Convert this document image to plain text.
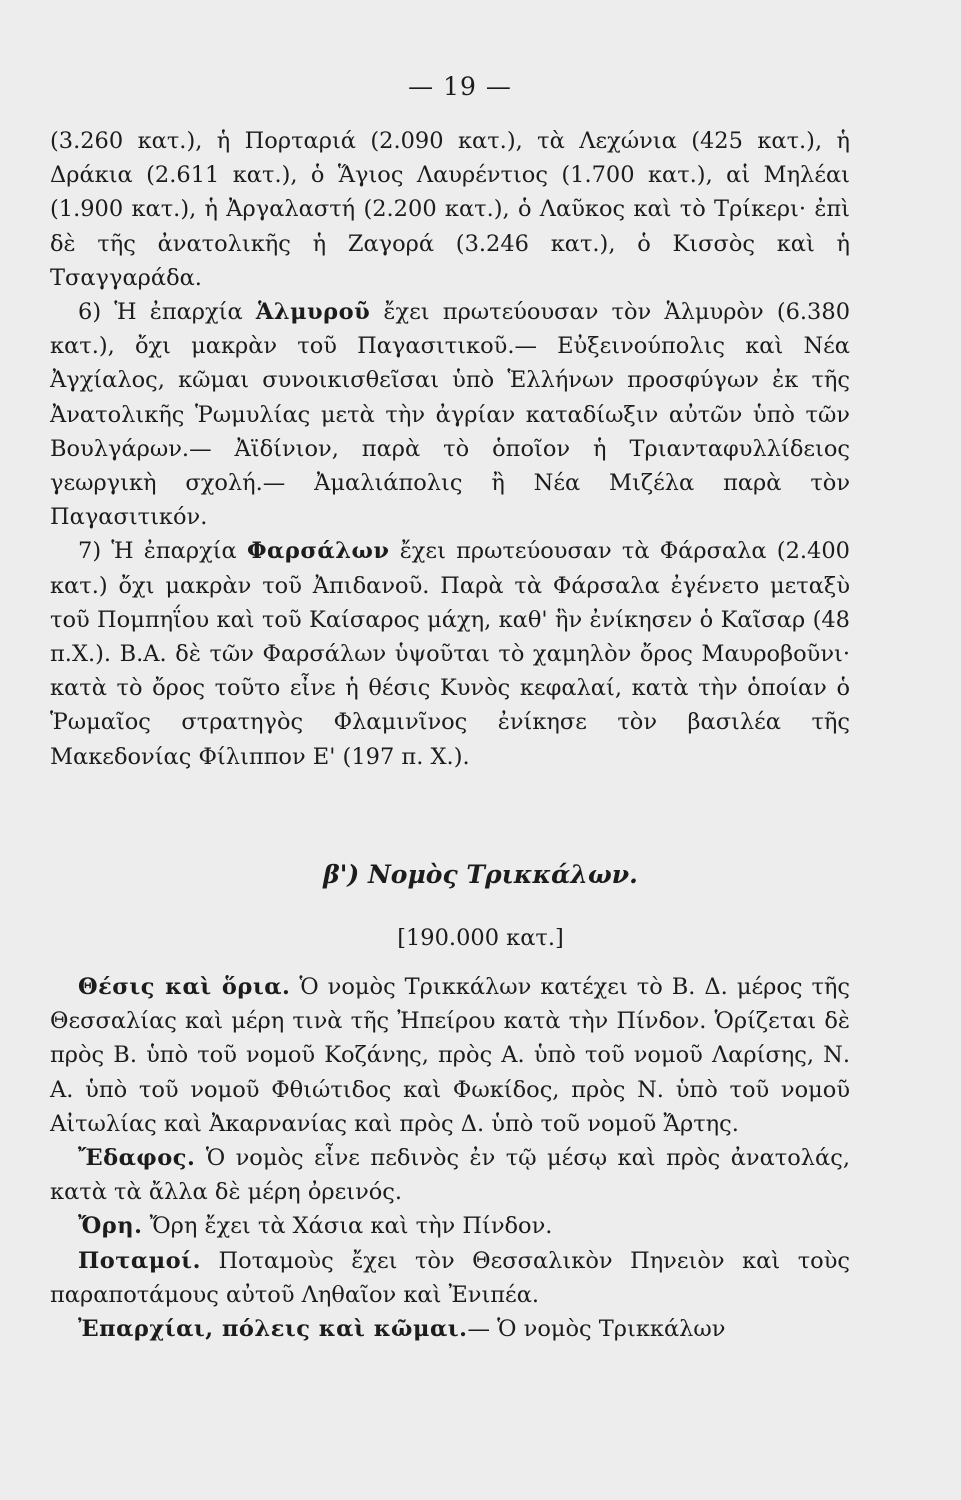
— 19 —

(3.260 κατ.), ἡ Πορταριά (2.090 κατ.), τὰ Λεχώνια (425 κατ.), ἡ Δράκια (2.611 κατ.), ὁ Ἅγιος Λαυρέντιος (1.700 κατ.), αἱ Μηλέαι (1.900 κατ.), ἡ Ἀργαλαστή (2.200 κατ.), ὁ Λαῦκος καὶ τὸ Τρίκερι· ἐπὶ δὲ τῆς ἀνατολικῆς ἡ Ζαγορά (3.246 κατ.), ὁ Κισσὸς καὶ ἡ Τσαγγαράδα.

6) Ἡ ἐπαρχία Ἁλμυροῦ ἔχει πρωτεύουσαν τὸν Ἁλμυρὸν (6.380 κατ.), ὄχι μακρὰν τοῦ Παγασιτικοῦ.— Εὐξεινούπολις καὶ Νέα Ἀγχίαλος, κῶμαι συνοικισθεῖσαι ὑπὸ Ἑλλήνων προσφύγων ἐκ τῆς Ἀνατολικῆς Ῥωμυλίας μετὰ τὴν ἀγρίαν καταδίωξιν αὐτῶν ὑπὸ τῶν Βουλγάρων.— Ἀϊδίνιον, παρὰ τὸ ὁποῖον ἡ Τριανταφυλλίδειος γεωργικὴ σχολή.— Ἀμαλιάπολις ἢ Νέα Μιζέλα παρὰ τὸν Παγασιτικόν.

7) Ἡ ἐπαρχία Φαρσάλων ἔχει πρωτεύουσαν τὰ Φάρσαλα (2.400 κατ.) ὄχι μακρὰν τοῦ Ἀπιδανοῦ. Παρὰ τὰ Φάρσαλα ἐγένετο μεταξὺ τοῦ Πομπηΐου καὶ τοῦ Καίσαρος μάχη, καθ' ἣν ἐνίκησεν ὁ Καῖσαρ (48 π.Χ.). Β.Α. δὲ τῶν Φαρσάλων ὑψοῦται τὸ χαμηλὸν ὄρος Μαυροβοῦνι· κατὰ τὸ ὄρος τοῦτο εἶνε ἡ θέσις Κυνὸς κεφαλαί, κατὰ τὴν ὁποίαν ὁ Ῥωμαῖος στρατηγὸς Φλαμινῖνος ἐνίκησε τὸν βασιλέα τῆς Μακεδονίας Φίλιππον Ε' (197 π. Χ.).

β') Νομὸς Τρικκάλων.
[190.000 κατ.]

Θέσις καὶ ὅρια. Ὁ νομὸς Τρικκάλων κατέχει τὸ Β. Δ. μέρος τῆς Θεσσαλίας καὶ μέρη τινὰ τῆς Ἠπείρου κατὰ τὴν Πίνδον. Ὁρίζεται δὲ πρὸς Β. ὑπὸ τοῦ νομοῦ Κοζάνης, πρὸς Α. ὑπὸ τοῦ νομοῦ Λαρίσης, Ν. Α. ὑπὸ τοῦ νομοῦ Φθιώτιδος καὶ Φωκίδος, πρὸς Ν. ὑπὸ τοῦ νομοῦ Αἰτωλίας καὶ Ἀκαρνανίας καὶ πρὸς Δ. ὑπὸ τοῦ νομοῦ Ἄρτης.

Ἔδαφος. Ὁ νομὸς εἶνε πεδινὸς ἐν τῷ μέσῳ καὶ πρὸς ἀνατολάς, κατὰ τὰ ἄλλα δὲ μέρη ὀρεινός.

Ὄρη. Ὄρη ἔχει τὰ Χάσια καὶ τὴν Πίνδον.

Ποταμοί. Ποταμοὺς ἔχει τὸν Θεσσαλικὸν Πηνειὸν καὶ τοὺς παραποτάμους αὐτοῦ Ληθαῖον καὶ Ἐνιπέα.

Ἐπαρχίαι, πόλεις καὶ κῶμαι.— Ὁ νομὸς Τρικκάλων
